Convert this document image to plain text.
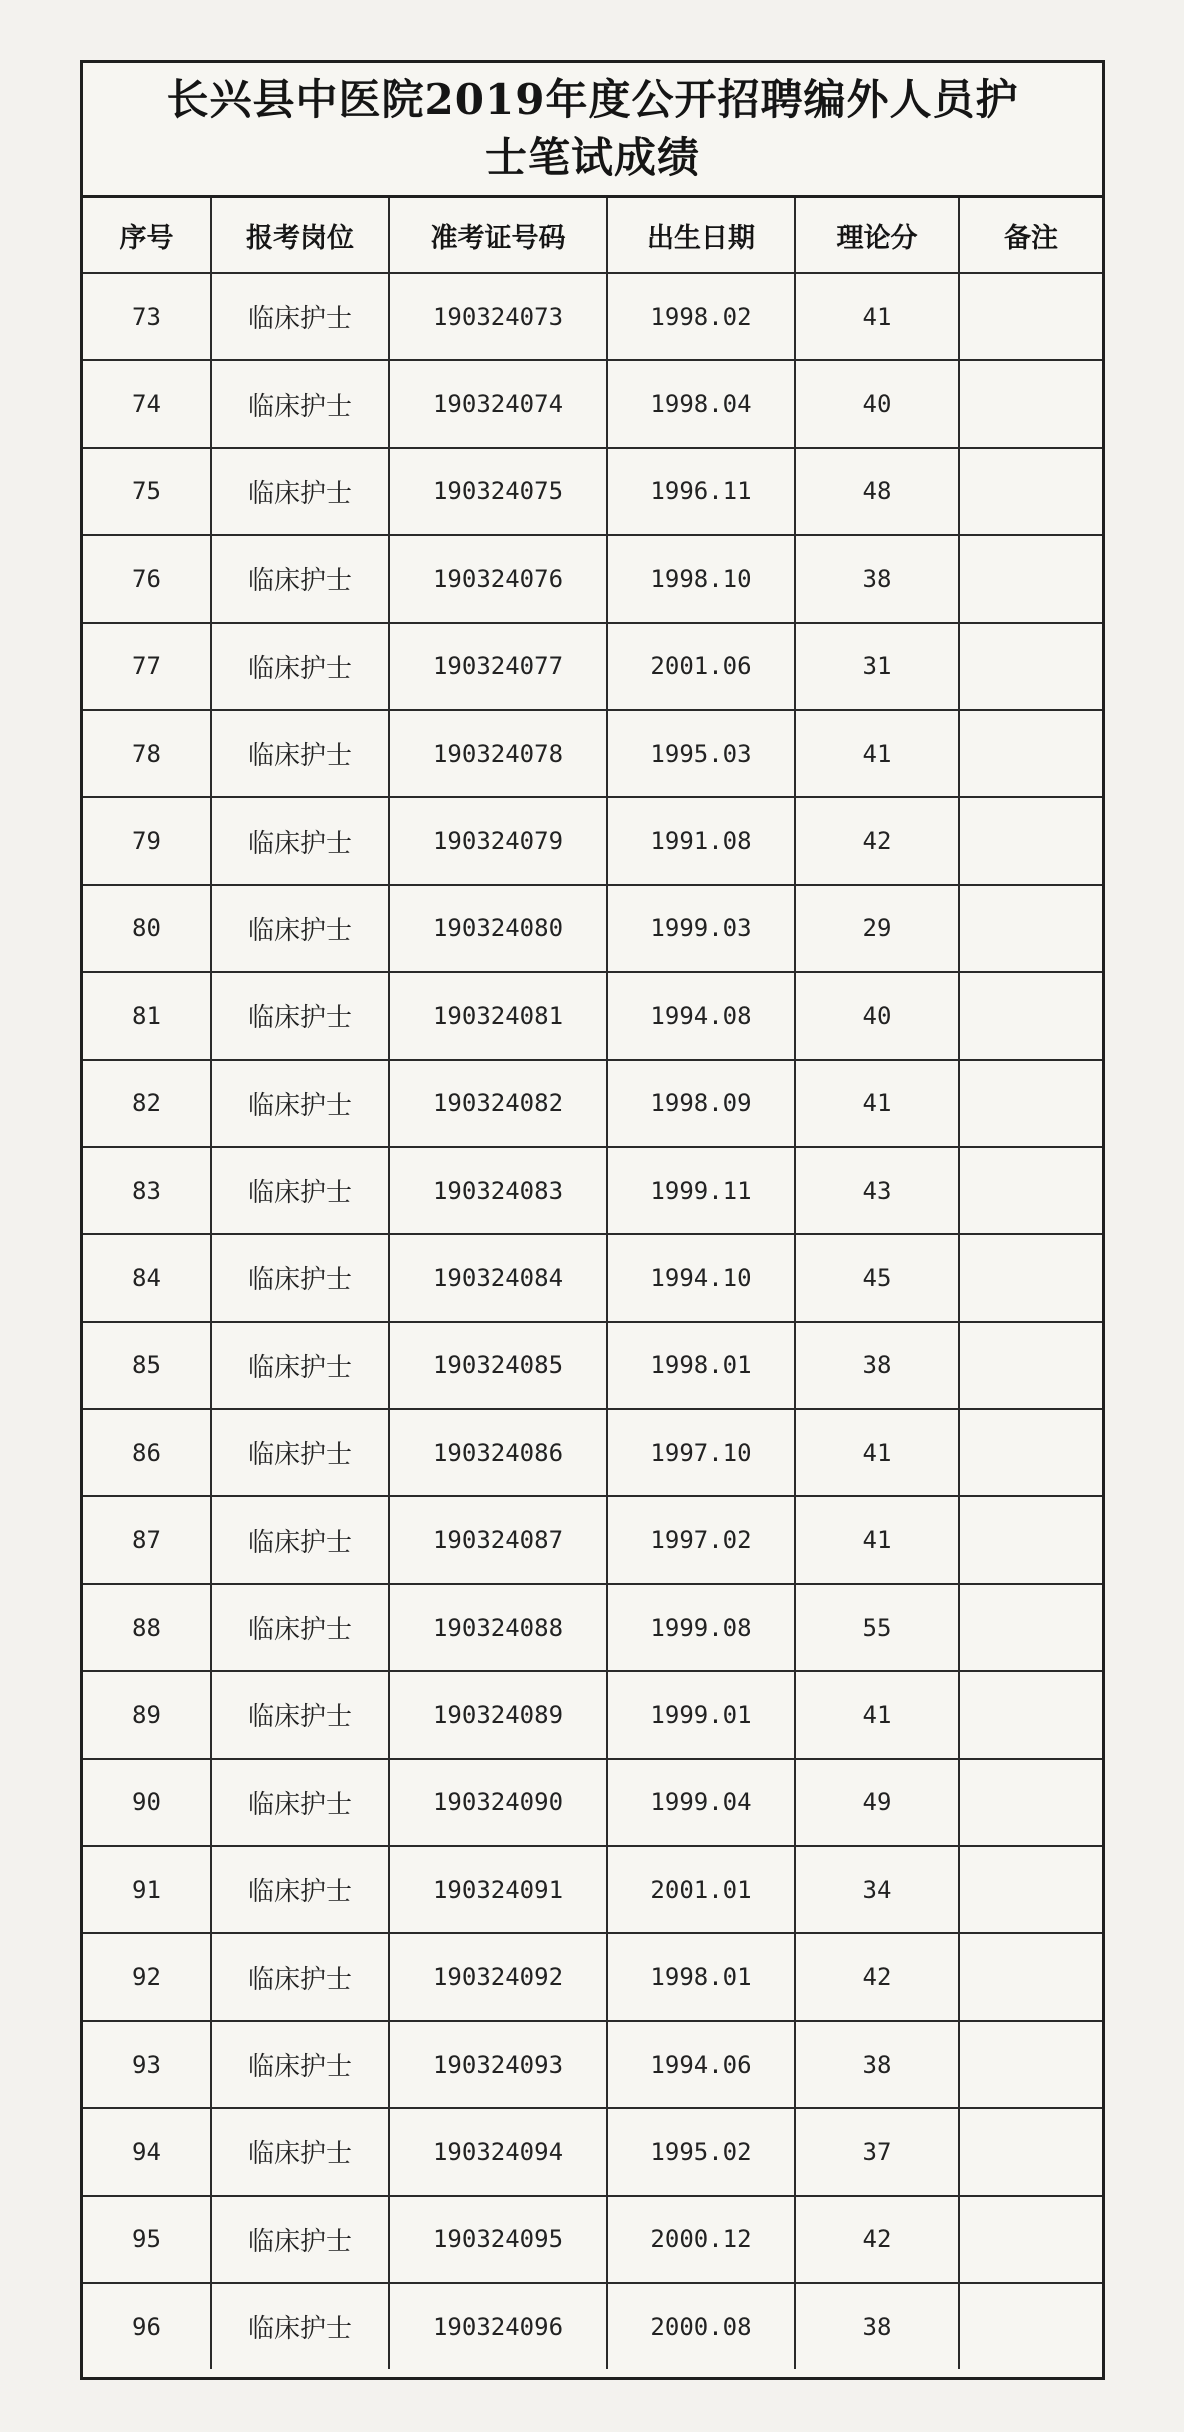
长兴县中医院2019年度公开招聘编外人员护
士笔试成绩
序号	报考岗位	准考证号码	出生日期	理论分	备注
73	临床护士	190324073	1998.02	41	
74	临床护士	190324074	1998.04	40	
75	临床护士	190324075	1996.11	48	
76	临床护士	190324076	1998.10	38	
77	临床护士	190324077	2001.06	31	
78	临床护士	190324078	1995.03	41	
79	临床护士	190324079	1991.08	42	
80	临床护士	190324080	1999.03	29	
81	临床护士	190324081	1994.08	40	
82	临床护士	190324082	1998.09	41	
83	临床护士	190324083	1999.11	43	
84	临床护士	190324084	1994.10	45	
85	临床护士	190324085	1998.01	38	
86	临床护士	190324086	1997.10	41	
87	临床护士	190324087	1997.02	41	
88	临床护士	190324088	1999.08	55	
89	临床护士	190324089	1999.01	41	
90	临床护士	190324090	1999.04	49	
91	临床护士	190324091	2001.01	34	
92	临床护士	190324092	1998.01	42	
93	临床护士	190324093	1994.06	38	
94	临床护士	190324094	1995.02	37	
95	临床护士	190324095	2000.12	42	
96	临床护士	190324096	2000.08	38	
